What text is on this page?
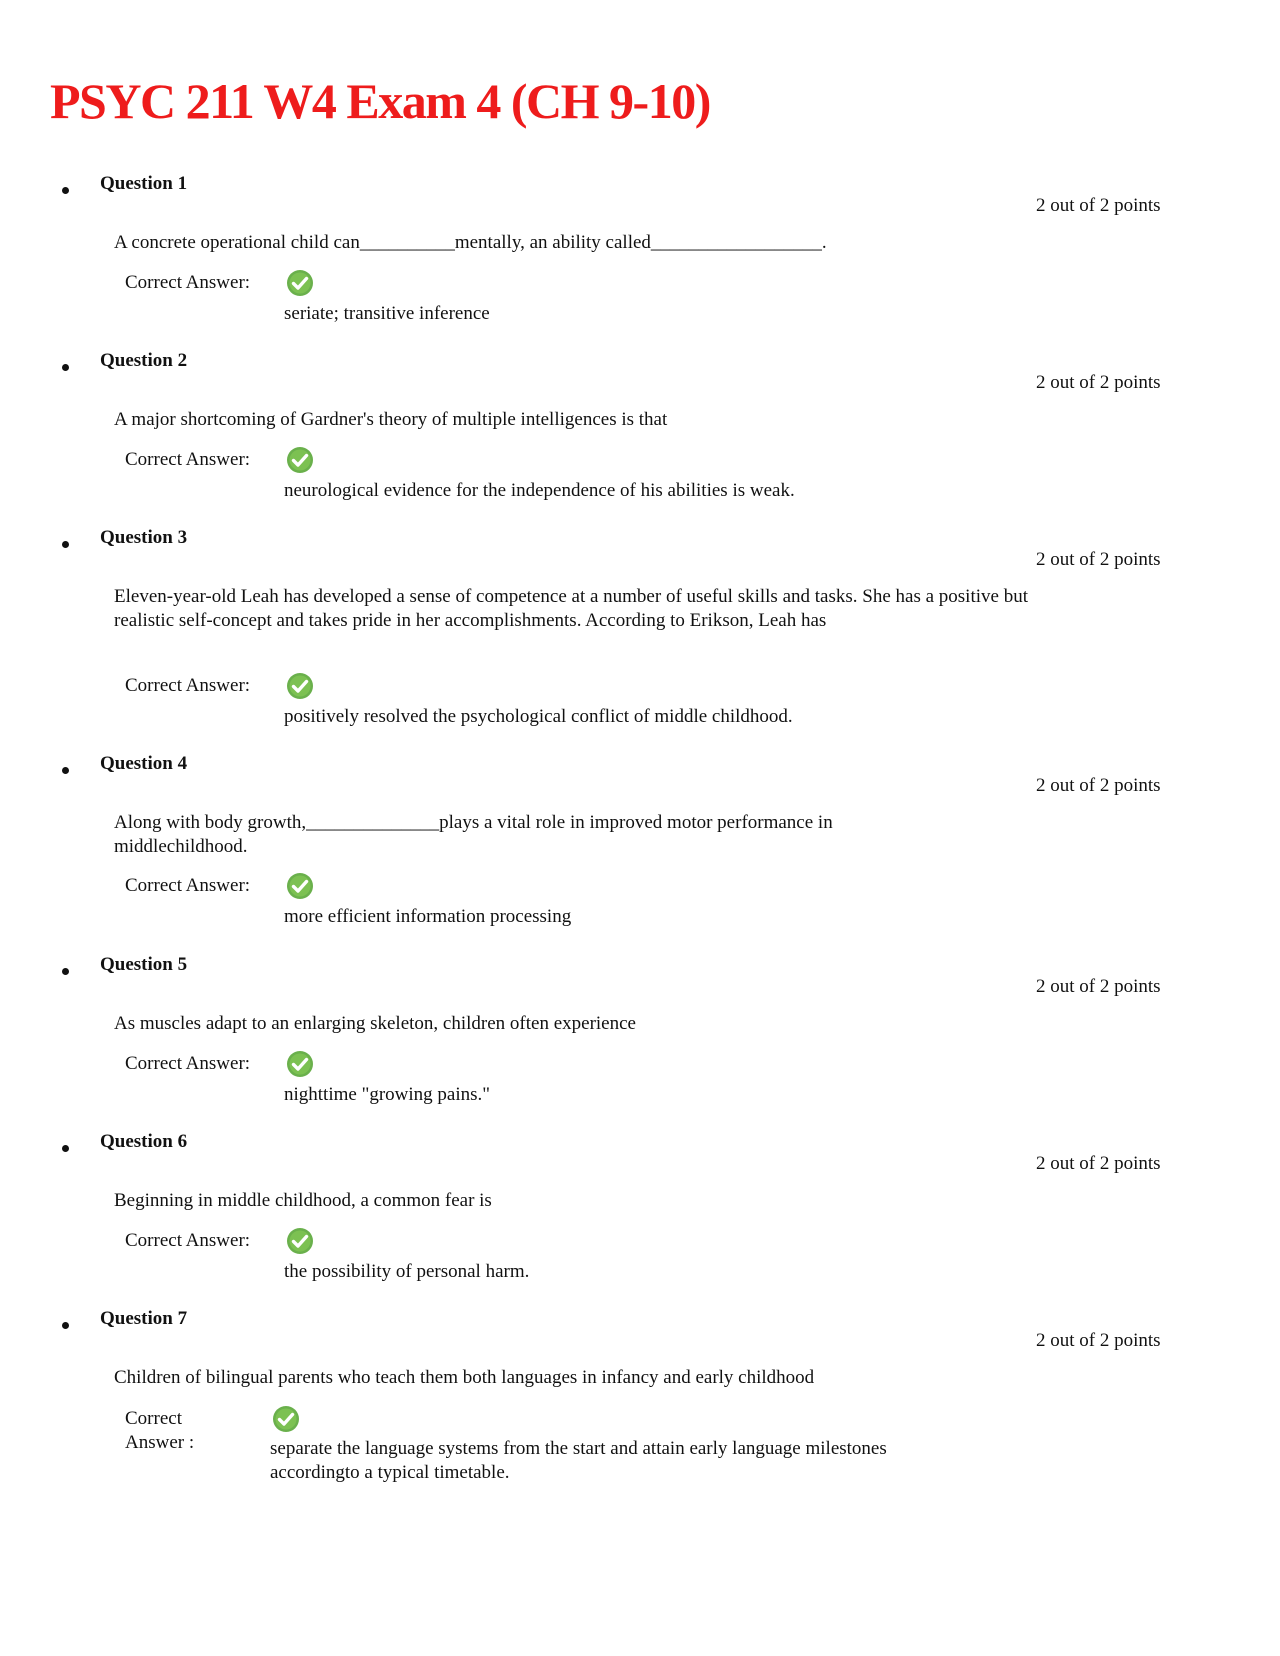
PSYC 211 W4 Exam 4 (CH 9-10)
Question 1
2 out of 2 points
A concrete operational child can__________mentally, an ability called__________________.
Correct Answer:
seriate; transitive inference
Question 2
2 out of 2 points
A major shortcoming of Gardner's theory of multiple intelligences is that
Correct Answer:
neurological evidence for the independence of his abilities is weak.
Question 3
2 out of 2 points
Eleven-year-old Leah has developed a sense of competence at a number of useful skills and tasks. She has a positive but realistic self-concept and takes pride in her accomplishments. According to Erikson, Leah has
Correct Answer:
positively resolved the psychological conflict of middle childhood.
Question 4
2 out of 2 points
Along with body growth,______________plays a vital role in improved motor performance in middlechildhood.
Correct Answer:
more efficient information processing
Question 5
2 out of 2 points
As muscles adapt to an enlarging skeleton, children often experience
Correct Answer:
nighttime "growing pains."
Question 6
2 out of 2 points
Beginning in middle childhood, a common fear is
Correct Answer:
the possibility of personal harm.
Question 7
2 out of 2 points
Children of bilingual parents who teach them both languages in infancy and early childhood
Correct Answer :	separate the language systems from the start and attain early language milestones accordingto a typical timetable.
